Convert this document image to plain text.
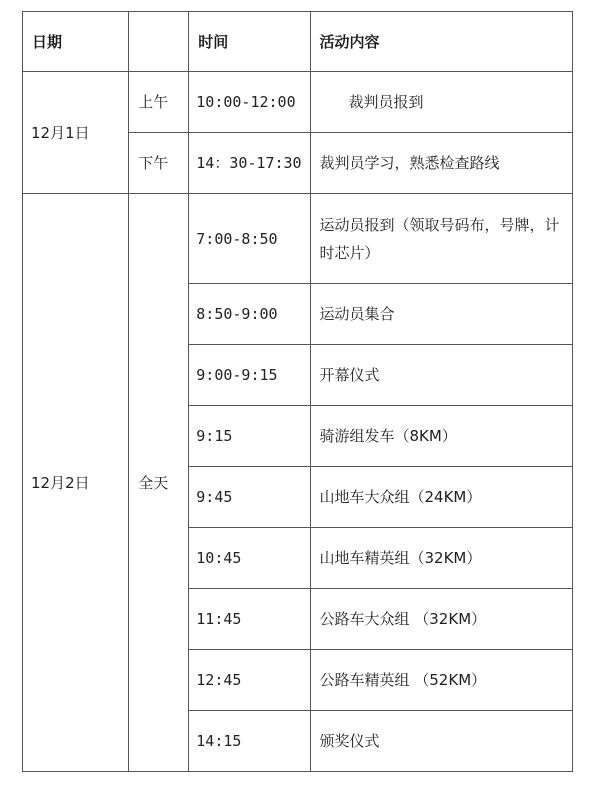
日期		时间	活动内容
12月1日	上午	10:00-12:00	裁判员报到
	下午	14：30-17:30	裁判员学习，熟悉检查路线
12月2日	全天	7:00-8:50	运动员报到（领取号码布，号牌，计时芯片）
		8:50-9:00	运动员集合
		9:00-9:15	开幕仪式
		9:15	骑游组发车（8KM）
		9:45	山地车大众组（24KM）
		10:45	山地车精英组（32KM）
		11:45	公路车大众组 （32KM）
		12:45	公路车精英组 （52KM）
		14:15	颁奖仪式
